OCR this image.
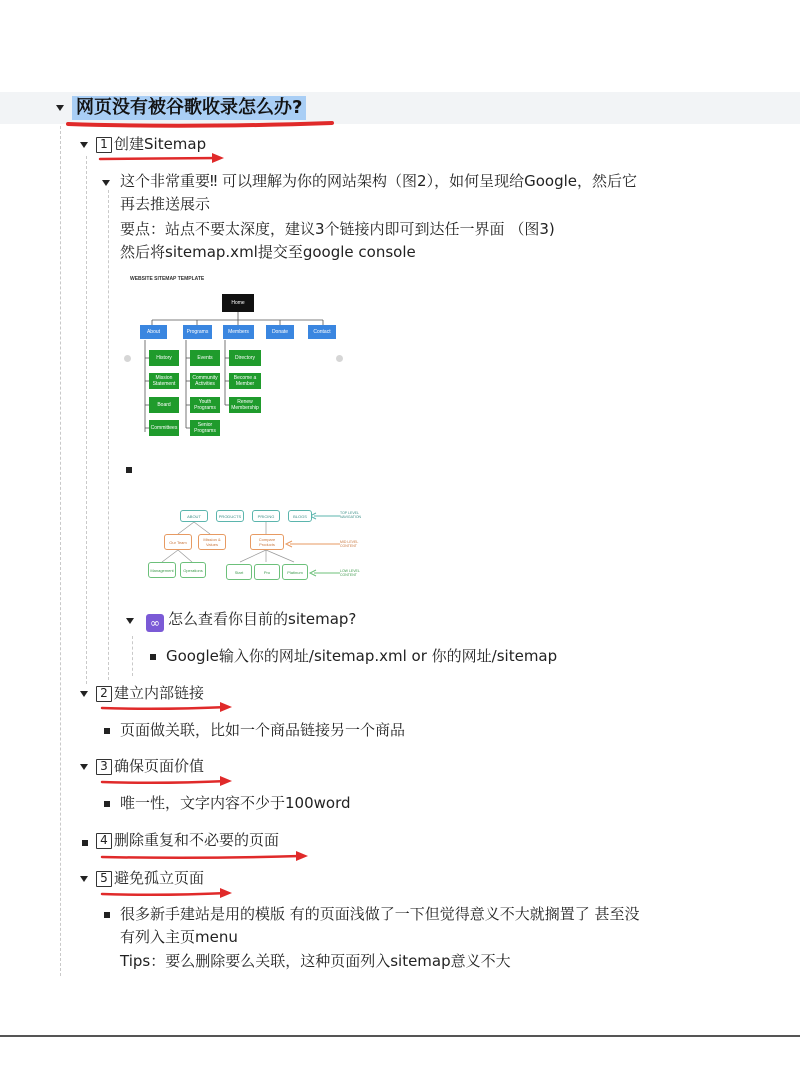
网页没有被谷歌收录怎么办?
1 创建Sitemap
这个非常重要‼ 可以理解为你的网站架构（图2），如何呈现给Google，然后它
再去推送展示
要点：站点不要太深度，建议3个链接内即可到达任一界面 （图3)
然后将sitemap.xml提交至google console
WEBSITE SITEMAP TEMPLATE
Home
About	Programs	Members	Donate	Contact
History
Mission Statement
Board
Committees
Events
Community Activities
Youth Programs
Senior Programs
Directory
Become a Member
Renew Membership
ABOUT	PRODUCTS	PRICING	BLOGS
Our Team	Mission & Values
Compare Products
Management	Operations	Start	Pro	Platinum
TOP LEVEL NAVIGATION
MID LEVEL CONTENT
LOW LEVEL CONTENT
∞ 怎么查看你目前的sitemap?
Google输入你的网址/sitemap.xml or 你的网址/sitemap
2 建立内部链接
页面做关联，比如一个商品链接另一个商品
3 确保页面价值
唯一性，文字内容不少于100word
4 删除重复和不必要的页面
5 避免孤立页面
很多新手建站是用的模版 有的页面浅做了一下但觉得意义不大就搁置了 甚至没
有列入主页menu
Tips：要么删除要么关联，这种页面列入sitemap意义不大
